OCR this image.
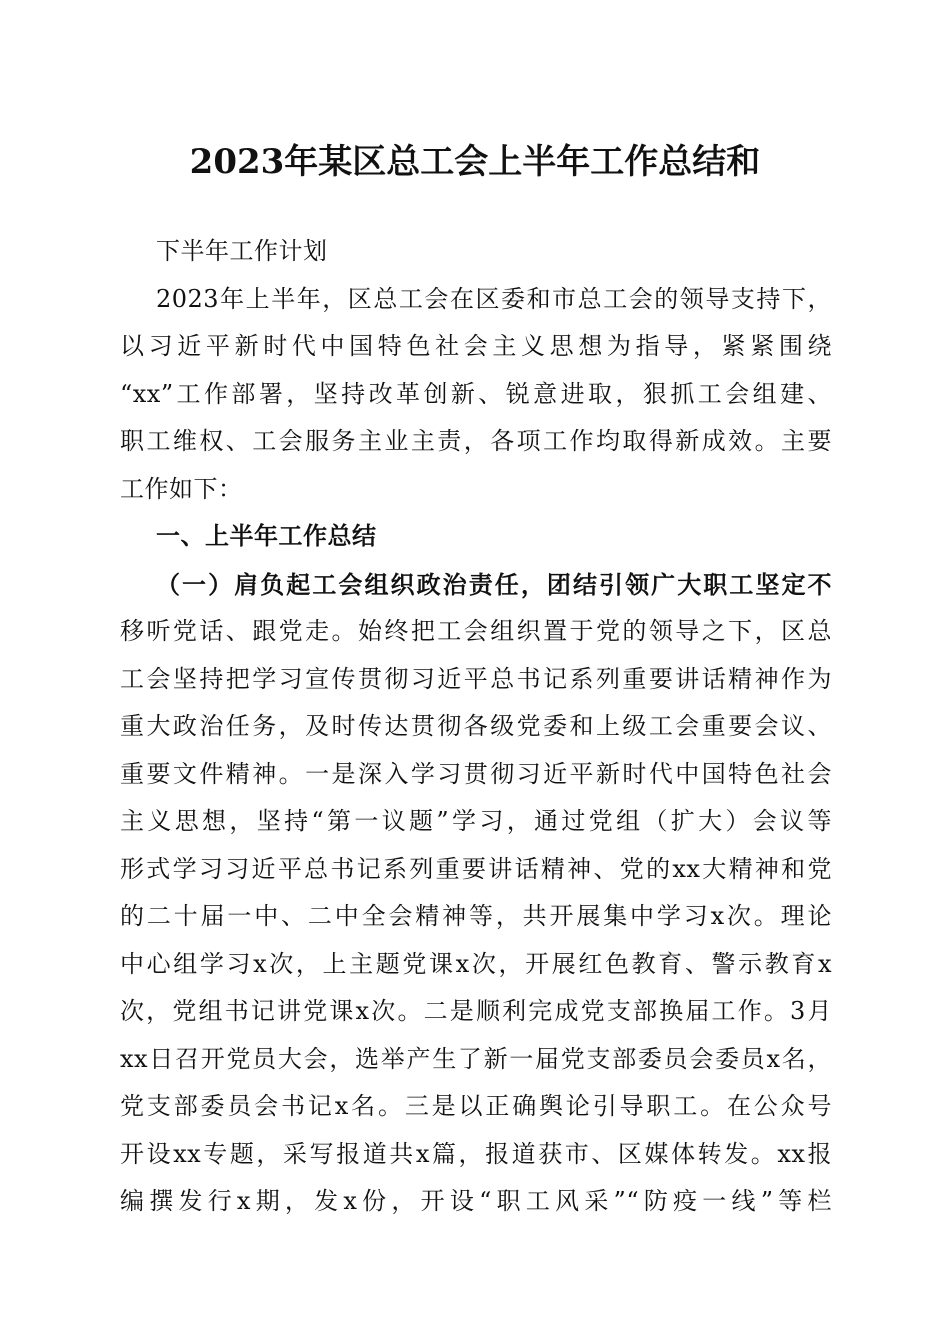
2023年某区总工会上半年工作总结和
下半年工作计划
2023年上半年，区总工会在区委和市总工会的领导支持下，
以习近平新时代中国特色社会主义思想为指导，紧紧围绕
“xx”工作部署，坚持改革创新、锐意进取，狠抓工会组建、
职工维权、工会服务主业主责，各项工作均取得新成效。主要
工作如下：
一、上半年工作总结
（一）肩负起工会组织政治责任，团结引领广大职工坚定不
移听党话、跟党走。始终把工会组织置于党的领导之下，区总
工会坚持把学习宣传贯彻习近平总书记系列重要讲话精神作为
重大政治任务，及时传达贯彻各级党委和上级工会重要会议、
重要文件精神。一是深入学习贯彻习近平新时代中国特色社会
主义思想，坚持“第一议题”学习，通过党组（扩大）会议等
形式学习习近平总书记系列重要讲话精神、党的xx大精神和党
的二十届一中、二中全会精神等，共开展集中学习x次。理论
中心组学习x次，上主题党课x次，开展红色教育、警示教育x
次，党组书记讲党课x次。二是顺利完成党支部换届工作。3月
xx日召开党员大会，选举产生了新一届党支部委员会委员x名，
党支部委员会书记x名。三是以正确舆论引导职工。在公众号
开设xx专题，采写报道共x篇，报道获市、区媒体转发。xx报
编撰发行x期，发x份，开设“职工风采”“防疫一线”等栏
